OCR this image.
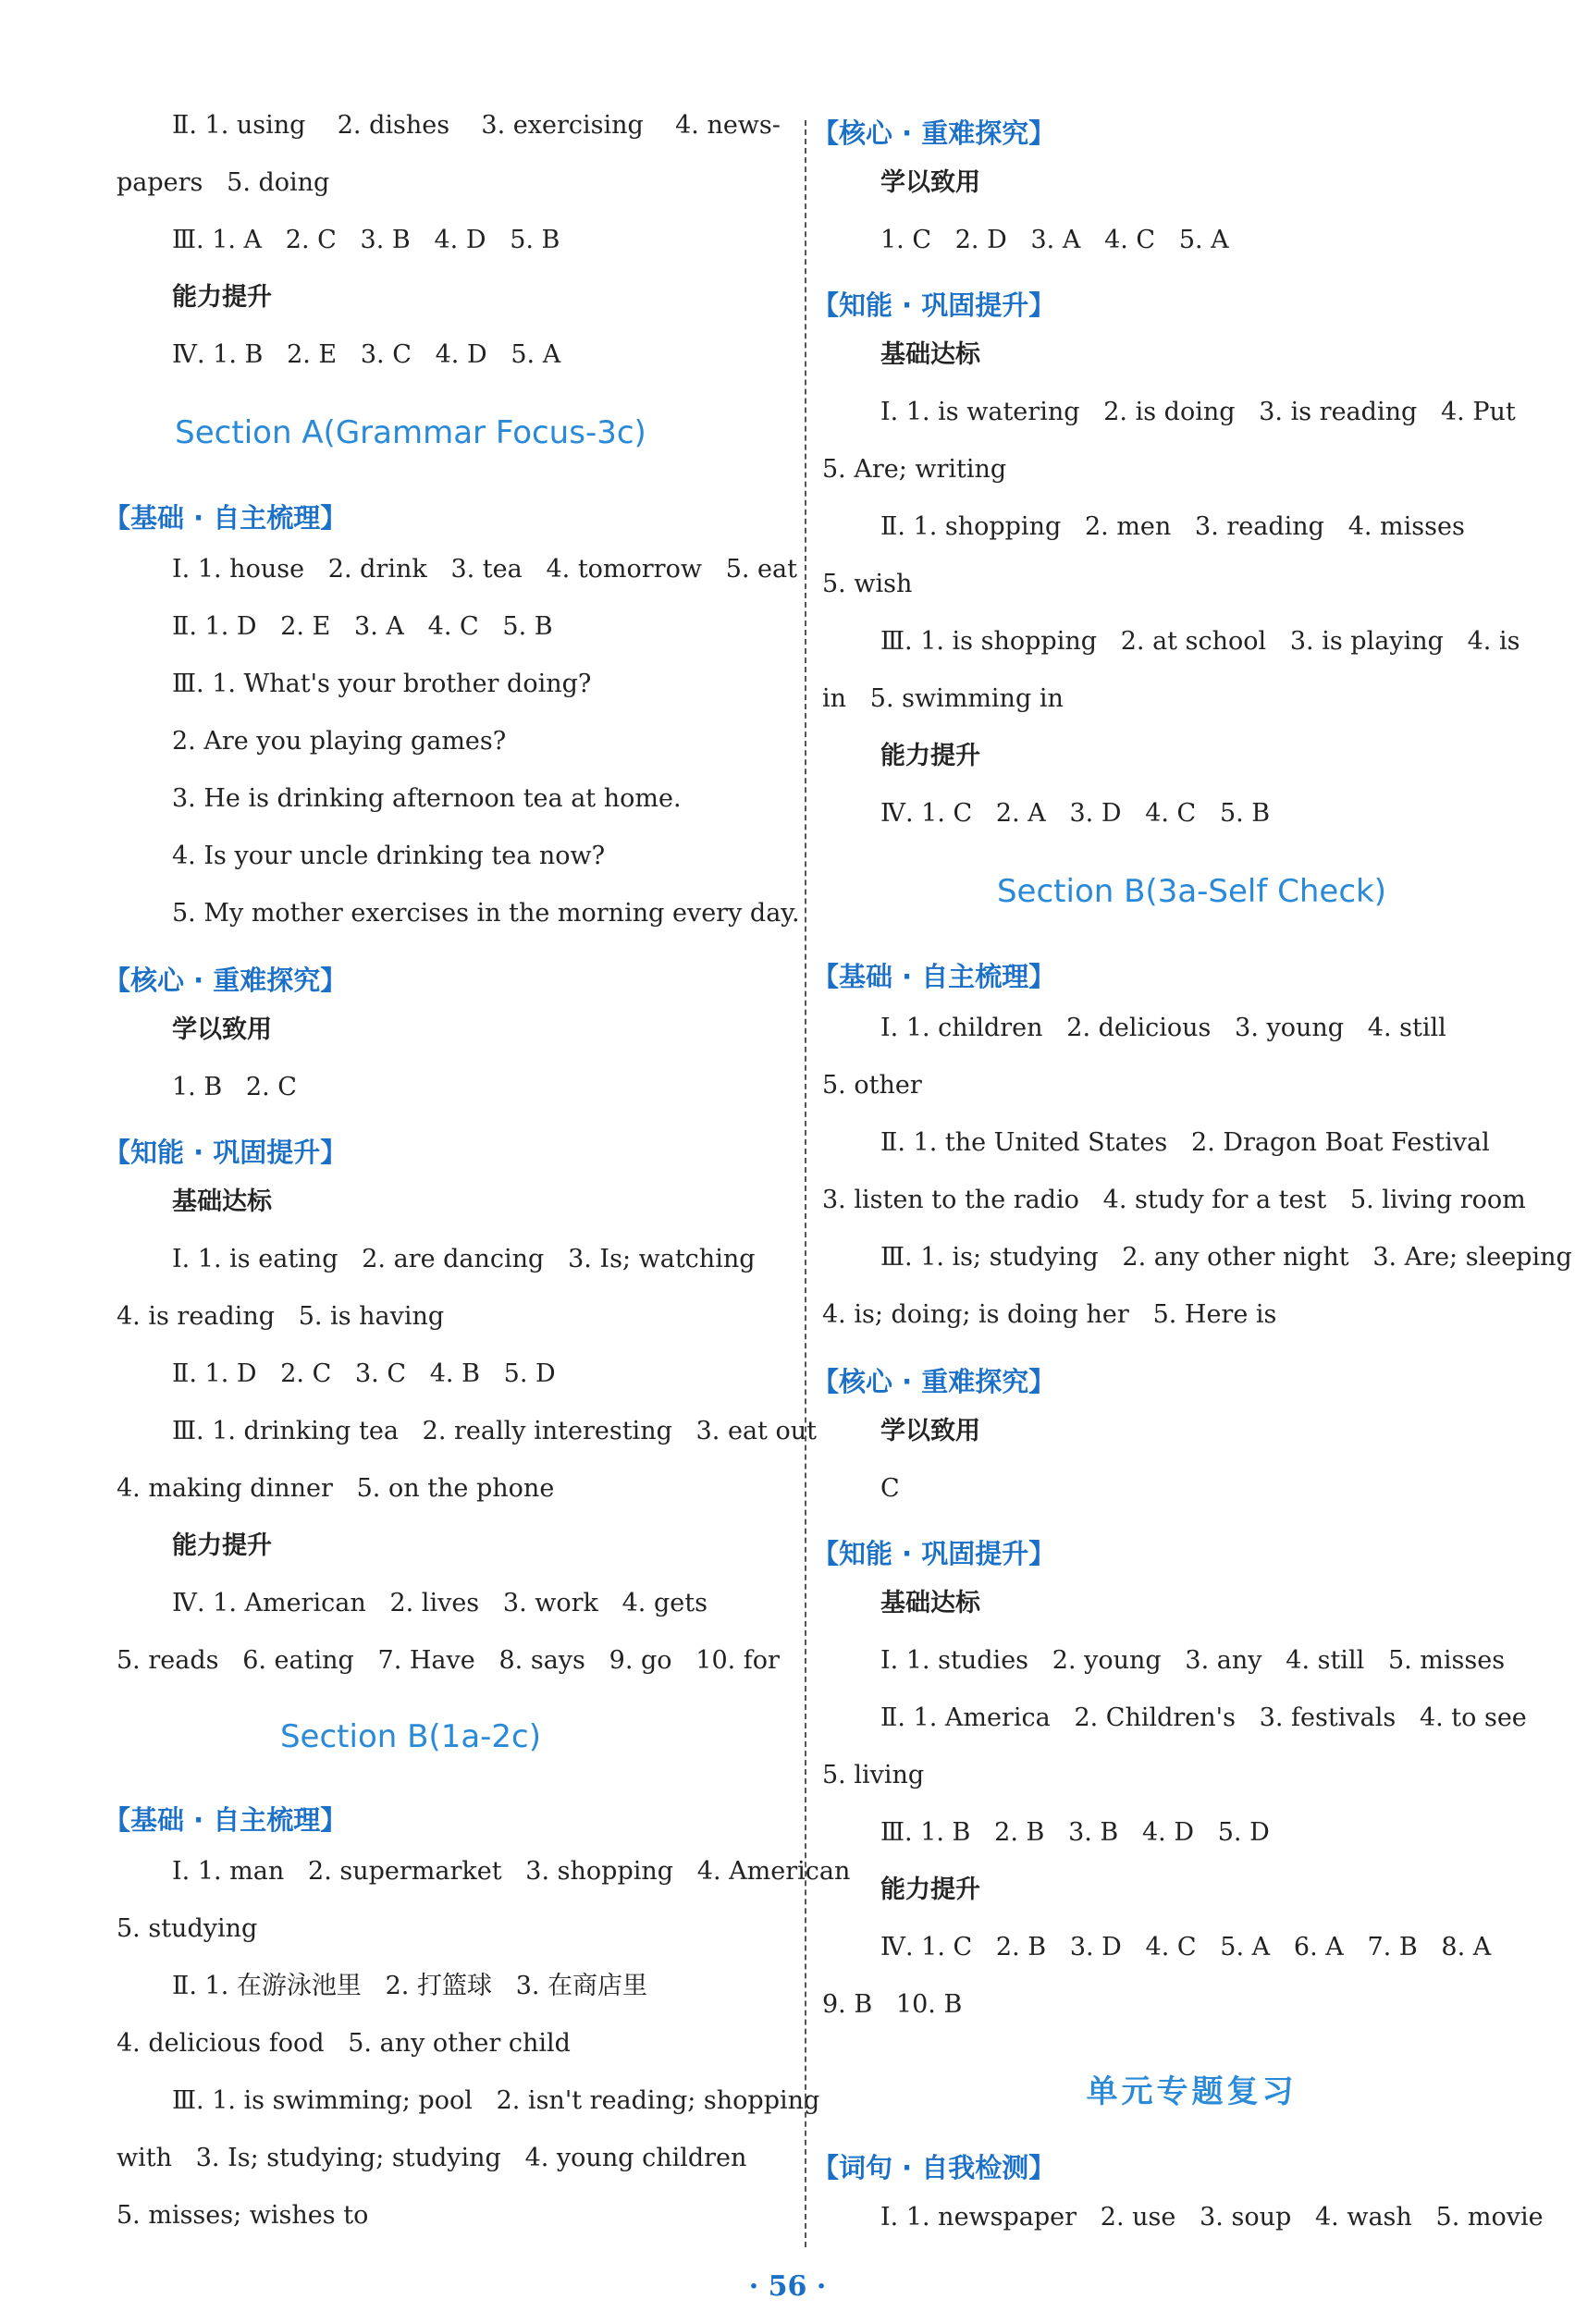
Ⅱ. 1. using    2. dishes    3. exercising    4. news-
papers   5. doing
Ⅲ. 1. A   2. C   3. B   4. D   5. B
能力提升
Ⅳ. 1. B   2. E   3. C   4. D   5. A
Section A(Grammar Focus-3c)
【基础 · 自主梳理】
Ⅰ. 1. house   2. drink   3. tea   4. tomorrow   5. eat
Ⅱ. 1. D   2. E   3. A   4. C   5. B
Ⅲ. 1. What's your brother doing?
2. Are you playing games?
3. He is drinking afternoon tea at home.
4. Is your uncle drinking tea now?
5. My mother exercises in the morning every day.
【核心 · 重难探究】
学以致用
1. B   2. C
【知能 · 巩固提升】
基础达标
Ⅰ. 1. is eating   2. are dancing   3. Is; watching
4. is reading   5. is having
Ⅱ. 1. D   2. C   3. C   4. B   5. D
Ⅲ. 1. drinking tea   2. really interesting   3. eat out
4. making dinner   5. on the phone
能力提升
Ⅳ. 1. American   2. lives   3. work   4. gets
5. reads   6. eating   7. Have   8. says   9. go   10. for
Section B(1a-2c)
【基础 · 自主梳理】
Ⅰ. 1. man   2. supermarket   3. shopping   4. American
5. studying
Ⅱ. 1. 在游泳池里   2. 打篮球   3. 在商店里
4. delicious food   5. any other child
Ⅲ. 1. is swimming; pool   2. isn't reading; shopping
with   3. Is; studying; studying   4. young children
5. misses; wishes to
【核心 · 重难探究】
学以致用
1. C   2. D   3. A   4. C   5. A
【知能 · 巩固提升】
基础达标
Ⅰ. 1. is watering   2. is doing   3. is reading   4. Put
5. Are; writing
Ⅱ. 1. shopping   2. men   3. reading   4. misses
5. wish
Ⅲ. 1. is shopping   2. at school   3. is playing   4. is
in   5. swimming in
能力提升
Ⅳ. 1. C   2. A   3. D   4. C   5. B
Section B(3a-Self Check)
【基础 · 自主梳理】
Ⅰ. 1. children   2. delicious   3. young   4. still
5. other
Ⅱ. 1. the United States   2. Dragon Boat Festival
3. listen to the radio   4. study for a test   5. living room
Ⅲ. 1. is; studying   2. any other night   3. Are; sleeping
4. is; doing; is doing her   5. Here is
【核心 · 重难探究】
学以致用
C
【知能 · 巩固提升】
基础达标
Ⅰ. 1. studies   2. young   3. any   4. still   5. misses
Ⅱ. 1. America   2. Children's   3. festivals   4. to see
5. living
Ⅲ. 1. B   2. B   3. B   4. D   5. D
能力提升
Ⅳ. 1. C   2. B   3. D   4. C   5. A   6. A   7. B   8. A
9. B   10. B
单元专题复习
【词句 · 自我检测】
Ⅰ. 1. newspaper   2. use   3. soup   4. wash   5. movie
· 56 ·
